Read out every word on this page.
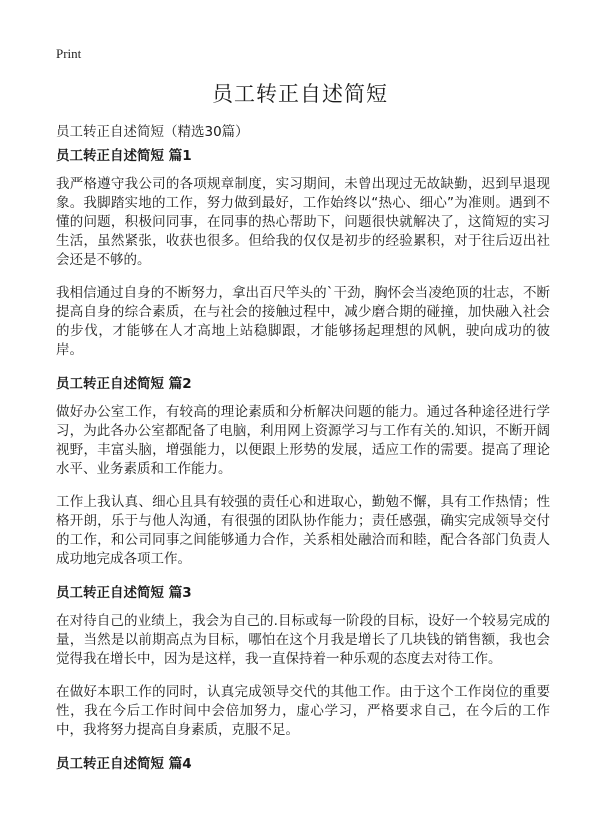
Print
员工转正自述简短

员工转正自述简短（精选30篇）

员工转正自述简短 篇1

我严格遵守我公司的各项规章制度，实习期间，未曾出现过无故缺勤，迟到早退现象。我脚踏实地的工作，努力做到最好，工作始终以“热心、细心”为准则。遇到不懂的问题，积极问同事，在同事的热心帮助下，问题很快就解决了，这简短的实习生活，虽然紧张，收获也很多。但给我的仅仅是初步的经验累积，对于往后迈出社会还是不够的。

我相信通过自身的不断努力，拿出百尺竿头的`干劲，胸怀会当凌绝顶的壮志，不断提高自身的综合素质，在与社会的接触过程中，减少磨合期的碰撞，加快融入社会的步伐，才能够在人才高地上站稳脚跟，才能够扬起理想的风帆，驶向成功的彼岸。

员工转正自述简短 篇2

做好办公室工作，有较高的理论素质和分析解决问题的能力。通过各种途径进行学习，为此各办公室都配备了电脑，利用网上资源学习与工作有关的.知识，不断开阔视野，丰富头脑，增强能力，以便跟上形势的发展，适应工作的需要。提高了理论水平、业务素质和工作能力。

工作上我认真、细心且具有较强的责任心和进取心，勤勉不懈，具有工作热情；性格开朗，乐于与他人沟通，有很强的团队协作能力；责任感强，确实完成领导交付的工作，和公司同事之间能够通力合作，关系相处融洽而和睦，配合各部门负责人成功地完成各项工作。

员工转正自述简短 篇3

在对待自己的业绩上，我会为自己的.目标或每一阶段的目标，设好一个较易完成的量，当然是以前期高点为目标，哪怕在这个月我是增长了几块钱的销售额，我也会觉得我在增长中，因为是这样，我一直保持着一种乐观的态度去对待工作。

在做好本职工作的同时，认真完成领导交代的其他工作。由于这个工作岗位的重要性，我在今后工作时间中会倍加努力，虚心学习，严格要求自己，在今后的工作中，我将努力提高自身素质，克服不足。

员工转正自述简短 篇4
